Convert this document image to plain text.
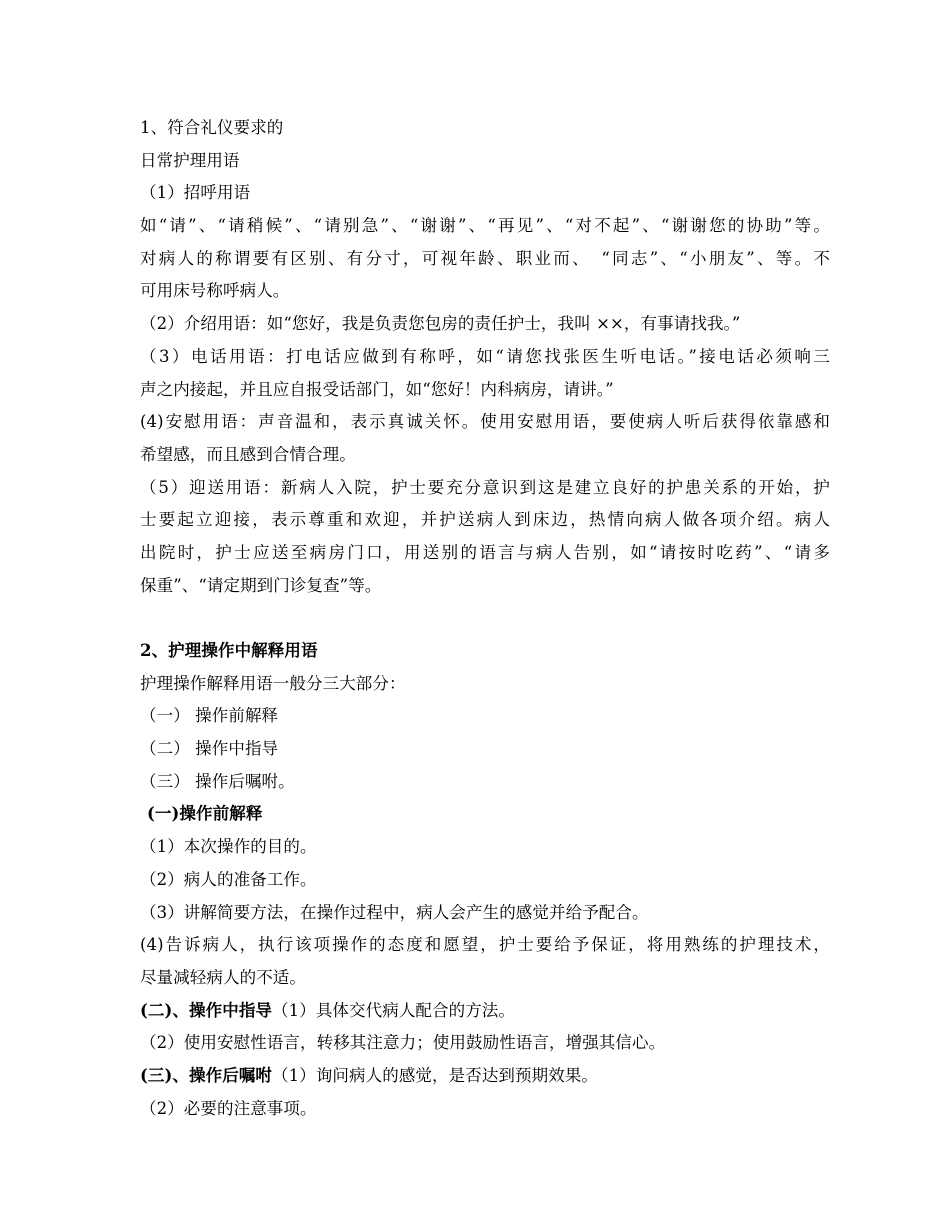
1、符合礼仪要求的
日常护理用语
（1）招呼用语
如“请”、“请稍候”、“请别急”、“谢谢”、“再见”、“对不起”、“谢谢您的协助”等。
对病人的称谓要有区别、有分寸，可视年龄、职业而、　“同志”、“小朋友”、等。不
可用床号称呼病人。
（2）介绍用语：如“您好，我是负责您包房的责任护士，我叫 ××，有事请找我。”
（3）电话用语：打电话应做到有称呼，如“请您找张医生听电话。”接电话必须响三
声之内接起，并且应自报受话部门，如“您好！内科病房，请讲。”
(4)安慰用语：声音温和，表示真诚关怀。使用安慰用语，要使病人听后获得依靠感和
希望感，而且感到合情合理。
（5）迎送用语：新病人入院，护士要充分意识到这是建立良好的护患关系的开始，护
士要起立迎接，表示尊重和欢迎，并护送病人到床边，热情向病人做各项介绍。病人
出院时，护士应送至病房门口，用送别的语言与病人告别，如“请按时吃药”、“请多
保重”、“请定期到门诊复查”等。
2、护理操作中解释用语
护理操作解释用语一般分三大部分：
（一） 操作前解释
（二） 操作中指导
（三） 操作后嘱咐。
(一)操作前解释
（1）本次操作的目的。
（2）病人的准备工作。
（3）讲解简要方法，在操作过程中，病人会产生的感觉并给予配合。
(4)告诉病人，执行该项操作的态度和愿望，护士要给予保证，将用熟练的护理技术，
尽量减轻病人的不适。
(二)、操作中指导（1）具体交代病人配合的方法。
（2）使用安慰性语言，转移其注意力；使用鼓励性语言，增强其信心。
(三)、操作后嘱咐（1）询问病人的感觉，是否达到预期效果。
（2）必要的注意事项。
